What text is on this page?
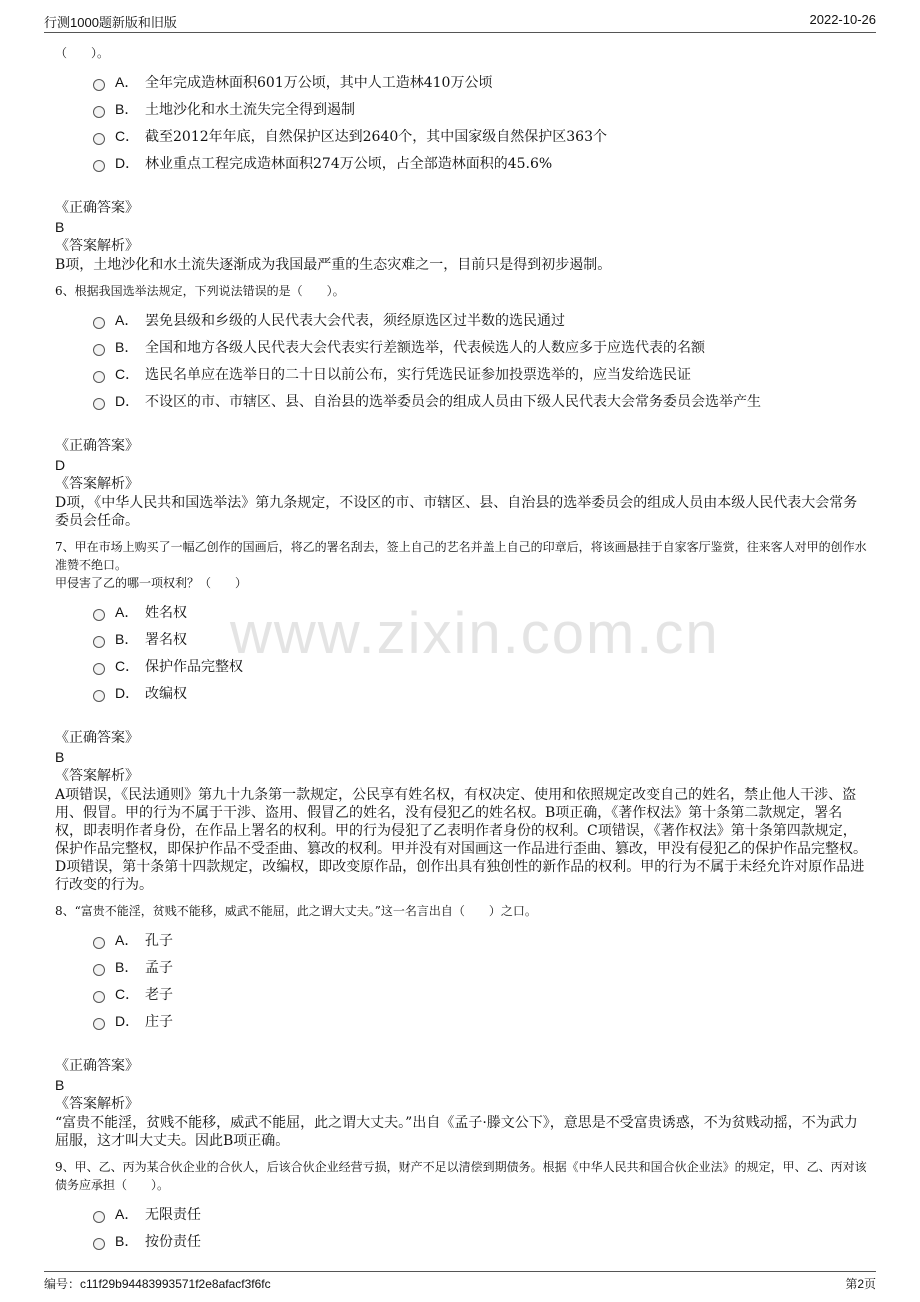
行测1000题新版和旧版	2022-10-26
www.zixin.com.cn
（　　）。
A． 全年完成造林面积601万公顷，其中人工造林410万公顷
B． 土地沙化和水土流失完全得到遏制
C． 截至2012年年底，自然保护区达到2640个，其中国家级自然保护区363个
D． 林业重点工程完成造林面积274万公顷，占全部造林面积的45.6%
《正确答案》
B
《答案解析》
B项，土地沙化和水土流失逐渐成为我国最严重的生态灾难之一，目前只是得到初步遏制。
6、根据我国选举法规定，下列说法错误的是（　　）。
A． 罢免县级和乡级的人民代表大会代表，须经原选区过半数的选民通过
B． 全国和地方各级人民代表大会代表实行差额选举，代表候选人的人数应多于应选代表的名额
C． 选民名单应在选举日的二十日以前公布，实行凭选民证参加投票选举的，应当发给选民证
D． 不设区的市、市辖区、县、自治县的选举委员会的组成人员由下级人民代表大会常务委员会选举产生
《正确答案》
D
《答案解析》
D项，《中华人民共和国选举法》第九条规定，不设区的市、市辖区、县、自治县的选举委员会的组成人员由本级人民代表大会常务委员会任命。
7、甲在市场上购买了一幅乙创作的国画后，将乙的署名刮去，签上自己的艺名并盖上自己的印章后，将该画悬挂于自家客厅鉴赏，往来客人对甲的创作水准赞不绝口。
甲侵害了乙的哪一项权利？（　　）
A． 姓名权
B． 署名权
C． 保护作品完整权
D． 改编权
《正确答案》
B
《答案解析》
A项错误，《民法通则》第九十九条第一款规定，公民享有姓名权，有权决定、使用和依照规定改变自己的姓名，禁止他人干涉、盗用、假冒。甲的行为不属于干涉、盗用、假冒乙的姓名，没有侵犯乙的姓名权。B项正确，《著作权法》第十条第二款规定，署名权，即表明作者身份，在作品上署名的权利。甲的行为侵犯了乙表明作者身份的权利。C项错误，《著作权法》第十条第四款规定，保护作品完整权，即保护作品不受歪曲、篡改的权利。甲并没有对国画这一作品进行歪曲、篡改，甲没有侵犯乙的保护作品完整权。D项错误，第十条第十四款规定，改编权，即改变原作品，创作出具有独创性的新作品的权利。甲的行为不属于未经允许对原作品进行改变的行为。
8、“富贵不能淫，贫贱不能移，威武不能屈，此之谓大丈夫。”这一名言出自（　　）之口。
A． 孔子
B． 孟子
C． 老子
D． 庄子
《正确答案》
B
《答案解析》
“富贵不能淫，贫贱不能移，威武不能屈，此之谓大丈夫。”出自《孟子·滕文公下》，意思是不受富贵诱惑，不为贫贱动摇，不为武力屈服，这才叫大丈夫。因此B项正确。
9、甲、乙、丙为某合伙企业的合伙人，后该合伙企业经营亏损，财产不足以清偿到期债务。根据《中华人民共和国合伙企业法》的规定，甲、乙、丙对该债务应承担（　　）。
A． 无限责任
B． 按份责任
编号：c11f29b94483993571f2e8afacf3f6fc	第2页
